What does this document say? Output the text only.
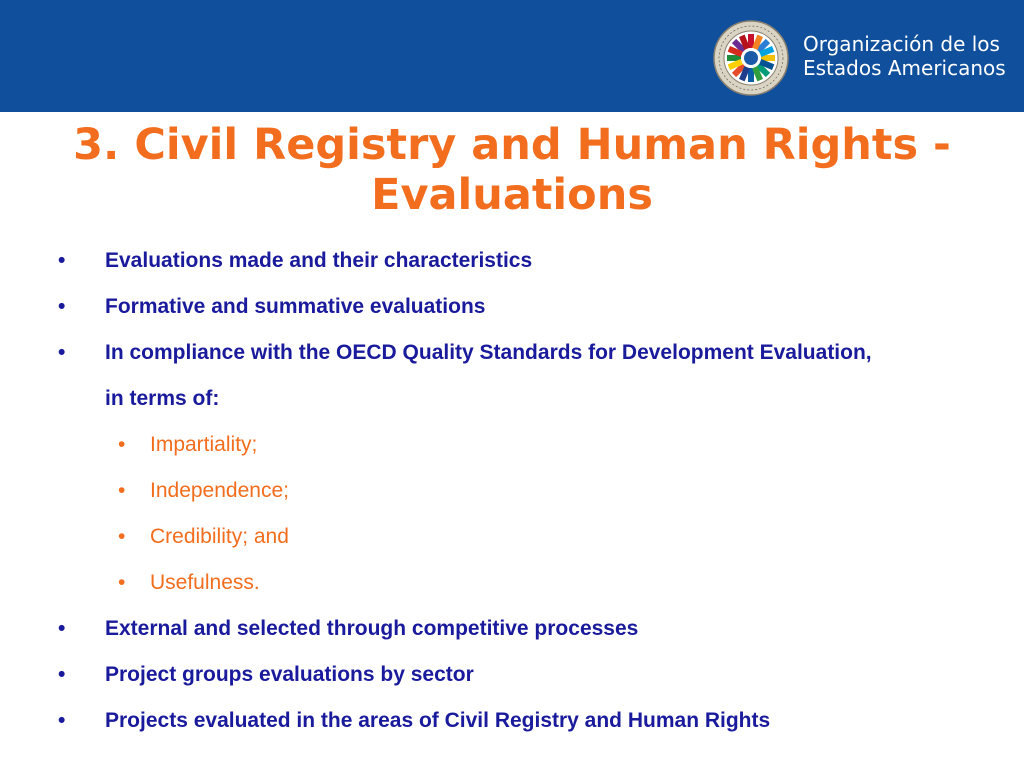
Organización de los
Estados Americanos
3. Civil Registry and Human Rights -
Evaluations
• Evaluations made and their characteristics
• Formative and summative evaluations
• In compliance with the OECD Quality Standards for Development Evaluation, in terms of:
• Impartiality;
• Independence;
• Credibility; and
• Usefulness.
• External and selected through competitive processes
• Project groups evaluations by sector
• Projects evaluated in the areas of Civil Registry and Human Rights
